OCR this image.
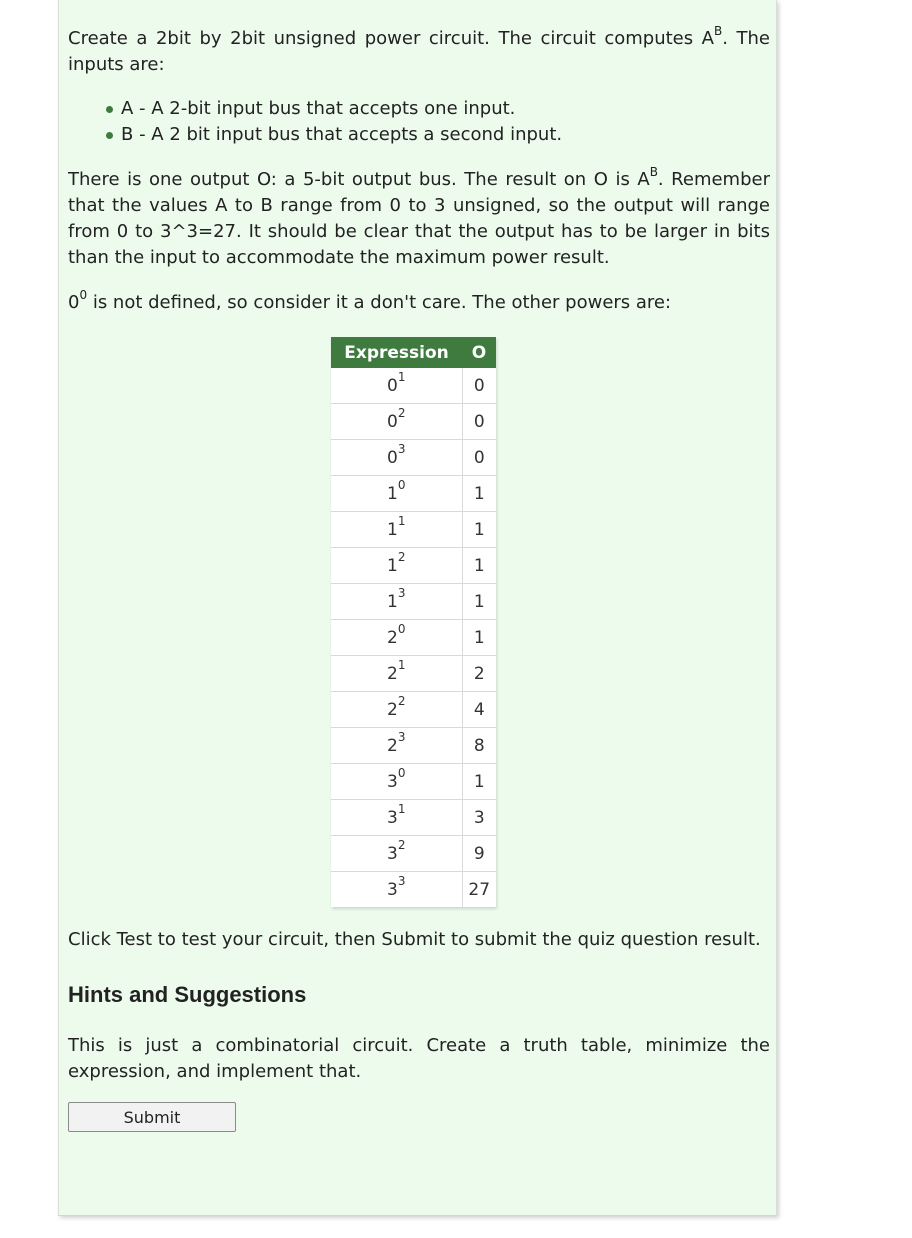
Create a 2bit by 2bit unsigned power circuit. The circuit computes $A^B$. The inputs are:

A - A 2-bit input bus that accepts one input.
B - A 2 bit input bus that accepts a second input.

There is one output O: a 5-bit output bus. The result on O is $A^B$. Remember that the values A to B range from 0 to 3 unsigned, so the output will range from 0 to 3^3=27. It should be clear that the output has to be larger in bits than the input to accommodate the maximum power result.

$0^0$ is not defined, so consider it a don't care. The other powers are:

Expression	O
$0^1$	0
$0^2$	0
$0^3$	0
$1^0$	1
$1^1$	1
$1^2$	1
$1^3$	1
$2^0$	1
$2^1$	2
$2^2$	4
$2^3$	8
$3^0$	1
$3^1$	3
$3^2$	9
$3^3$	27

Click Test to test your circuit, then Submit to submit the quiz question result.

Hints and Suggestions

This is just a combinatorial circuit. Create a truth table, minimize the expression, and implement that.

Submit
